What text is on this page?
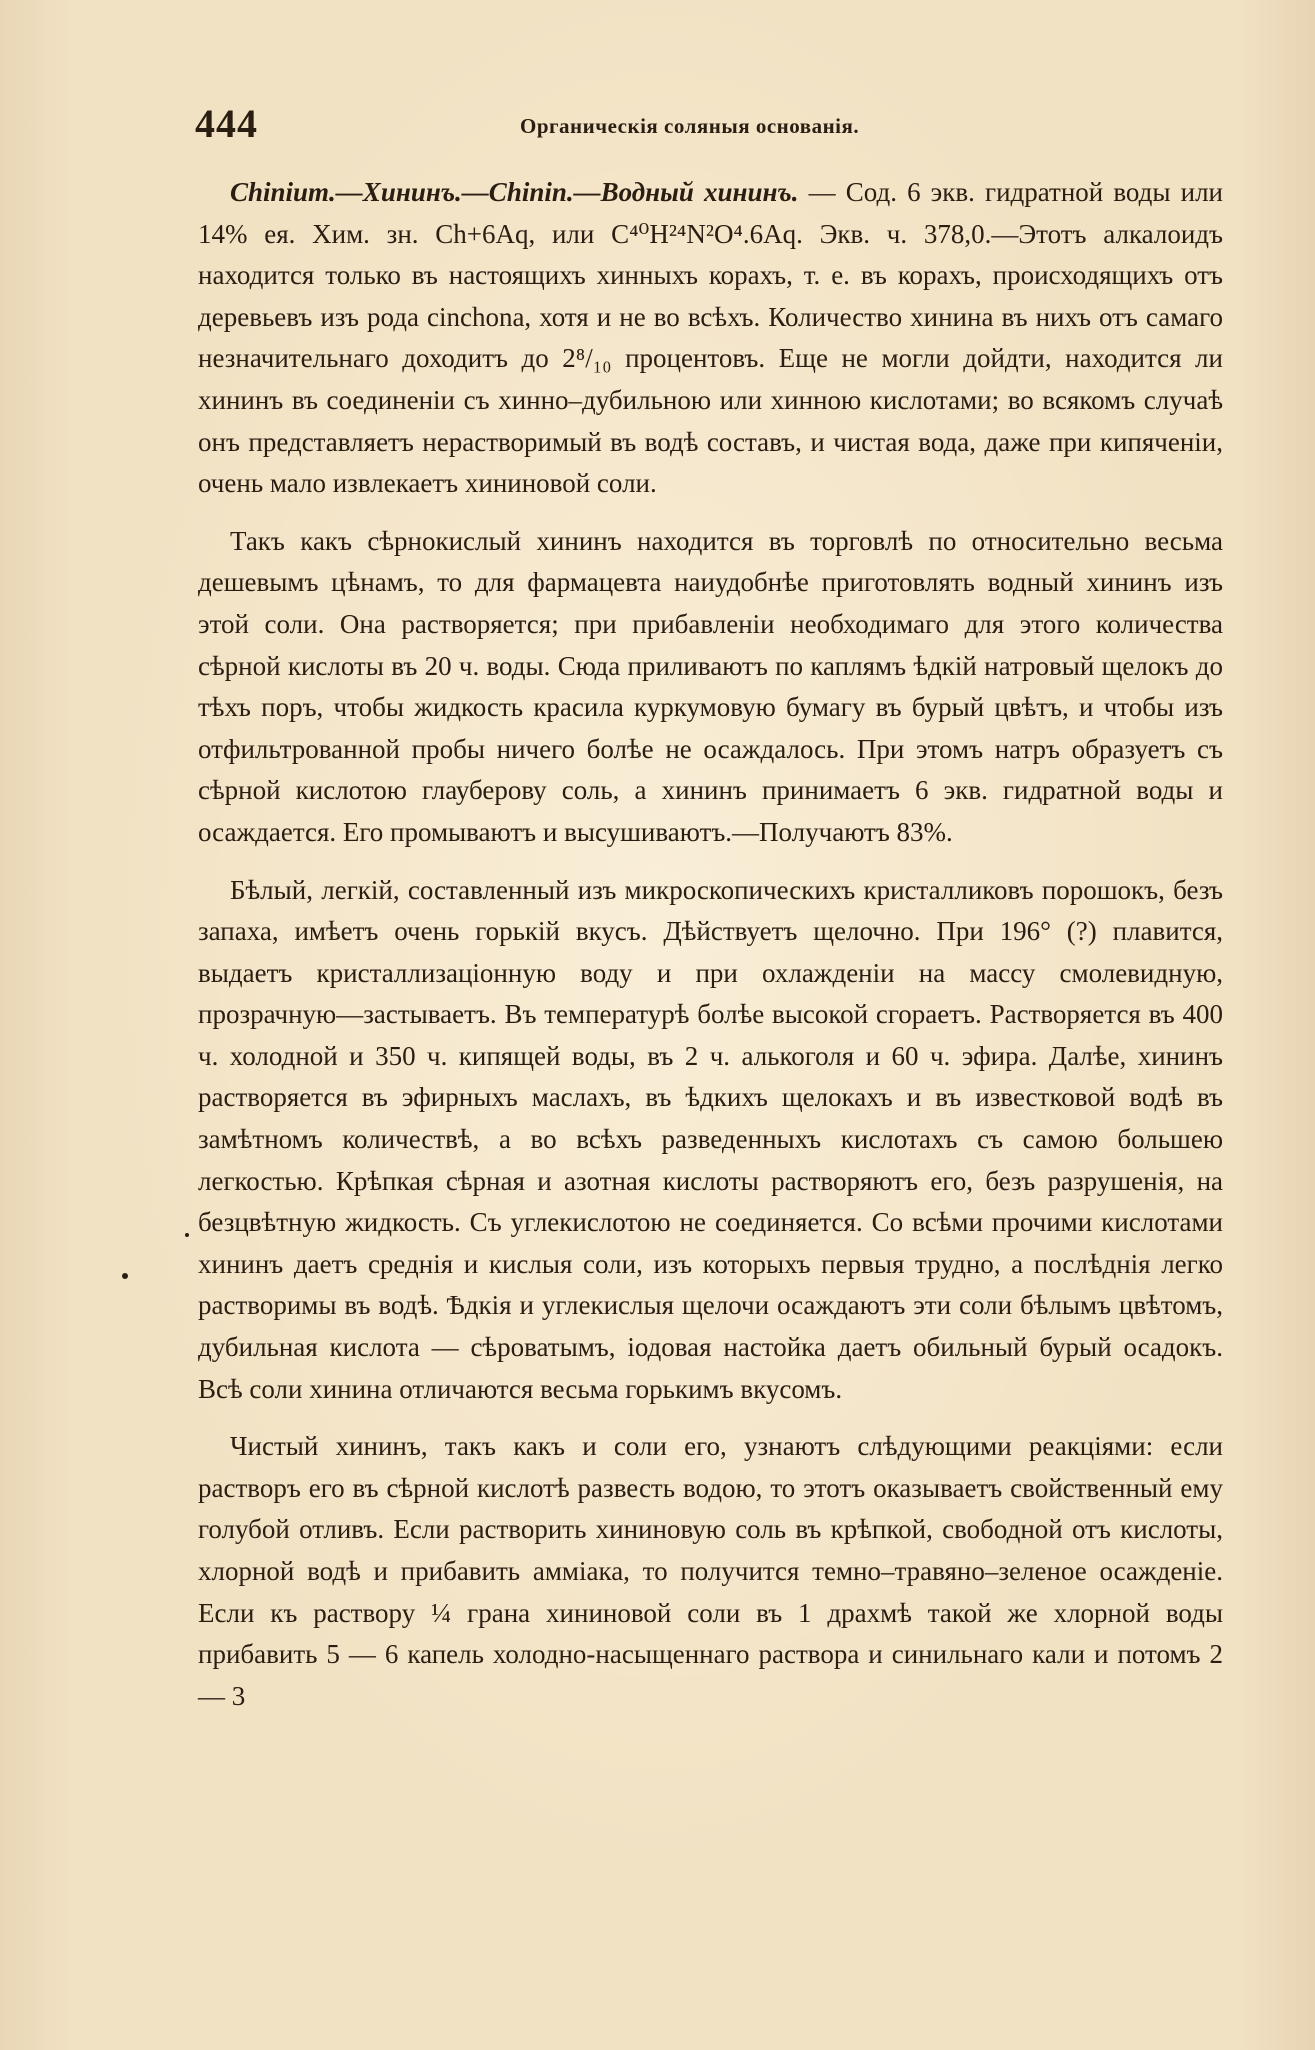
444	Органическія соляныя основанія.

Chinium.—Хининъ.—Chinin.—Водный хининъ. — Сод. 6 экв. гидратной воды или 14% ея. Хим. зн. Ch+6Aq, или C⁴⁰H²⁴N²O⁴.6Aq. Экв. ч. 378,0.—Этотъ алкалоидъ находится только въ настоящихъ хинныхъ корахъ, т. е. въ корахъ, происходящихъ отъ деревьевъ изъ рода cinchona, хотя и не во всѣхъ. Количество хинина въ нихъ отъ самаго незначительнаго доходитъ до 2⁸/₁₀ процентовъ. Еще не могли дойдти, находится ли хининъ въ соединеніи съ хинно–дубильною или хинною кислотами; во всякомъ случаѣ онъ представляетъ нерастворимый въ водѣ составъ, и чистая вода, даже при кипяченіи, очень мало извлекаетъ хининовой соли.

Такъ какъ сѣрнокислый хининъ находится въ торговлѣ по относительно весьма дешевымъ цѣнамъ, то для фармацевта наиудобнѣе приготовлять водный хининъ изъ этой соли. Она растворяется; при прибавленіи необходимаго для этого количества сѣрной кислоты въ 20 ч. воды. Сюда приливаютъ по каплямъ ѣдкій натровый щелокъ до тѣхъ поръ, чтобы жидкость красила куркумовую бумагу въ бурый цвѣтъ, и чтобы изъ отфильтрованной пробы ничего болѣе не осаждалось. При этомъ натръ образуетъ съ сѣрной кислотою глауберову соль, а хининъ принимаетъ 6 экв. гидратной воды и осаждается. Его промываютъ и высушиваютъ.—Получаютъ 83%.

Бѣлый, легкій, составленный изъ микроскопическихъ кристалликовъ порошокъ, безъ запаха, имѣетъ очень горькій вкусъ. Дѣйствуетъ щелочно. При 196° (?) плавится, выдаетъ кристаллизаціонную воду и при охлажденіи на массу смолевидную, прозрачную—застываетъ. Въ температурѣ болѣе высокой сгораетъ. Растворяется въ 400 ч. холодной и 350 ч. кипящей воды, въ 2 ч. алькоголя и 60 ч. эфира. Далѣе, хининъ растворяется въ эфирныхъ маслахъ, въ ѣдкихъ щелокахъ и въ известковой водѣ въ замѣтномъ количествѣ, а во всѣхъ разведенныхъ кислотахъ съ самою большею легкостью. Крѣпкая сѣрная и азотная кислоты растворяютъ его, безъ разрушенія, на безцвѣтную жидкость. Съ углекислотою не соединяется. Со всѣми прочими кислотами хининъ даетъ среднія и кислыя соли, изъ которыхъ первыя трудно, а послѣднія легко растворимы въ водѣ. Ѣдкія и углекислыя щелочи осаждаютъ эти соли бѣлымъ цвѣтомъ, дубильная кислота — сѣроватымъ, іодовая настойка даетъ обильный бурый осадокъ. Всѣ соли хинина отличаются весьма горькимъ вкусомъ.

Чистый хининъ, такъ какъ и соли его, узнаютъ слѣдующими реакціями: если растворъ его въ сѣрной кислотѣ развесть водою, то этотъ оказываетъ свойственный ему голубой отливъ. Если растворить хининовую соль въ крѣпкой, свободной отъ кислоты, хлорной водѣ и прибавить амміака, то получится темно–травяно–зеленое осажденіе. Если къ раствору ¼ грана хининовой соли въ 1 драхмѣ такой же хлорной воды прибавить 5 — 6 капель холодно-насыщеннаго раствора и синильнаго кали и потомъ 2 — 3
